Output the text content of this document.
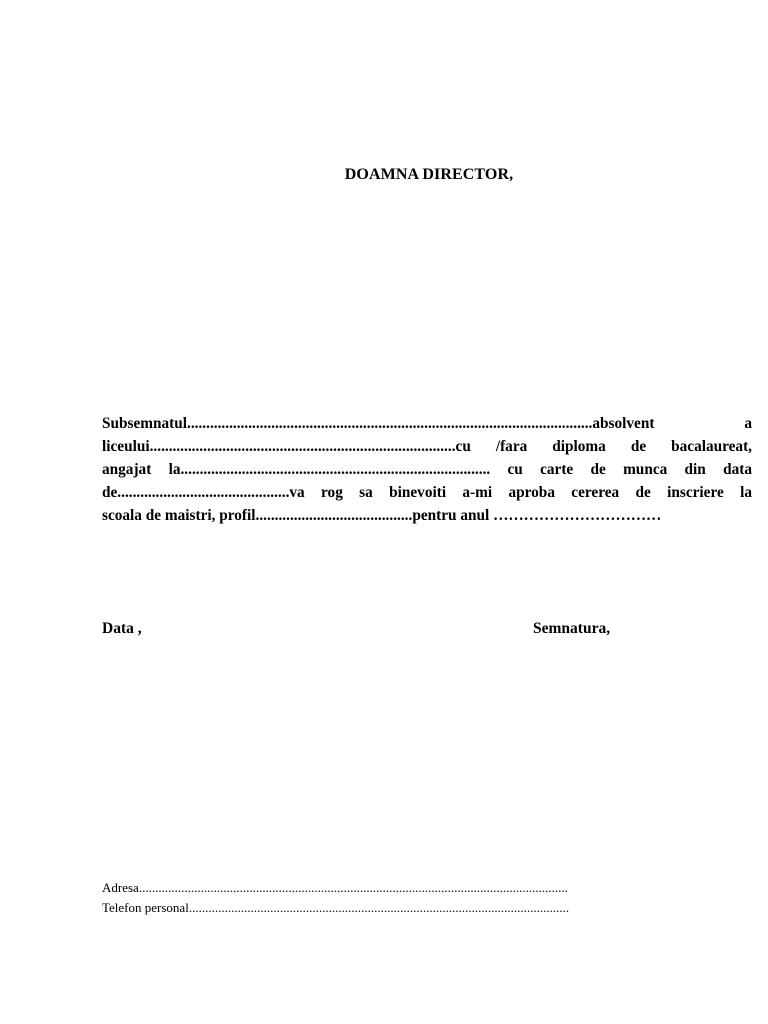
DOAMNA DIRECTOR,
Subsemnatul..........................................................................................................absolvent a
liceului................................................................................cu /fara diploma de bacalaureat,
angajat la................................................................................. cu carte de munca din data
de.............................................va rog sa binevoiti a-mi aproba cererea de inscriere la
scoala de maistri, profil.........................................pentru anul ……………………………
Data ,	Semnatura,
Adresa....................................................................................................................................
Telefon personal.....................................................................................................................
